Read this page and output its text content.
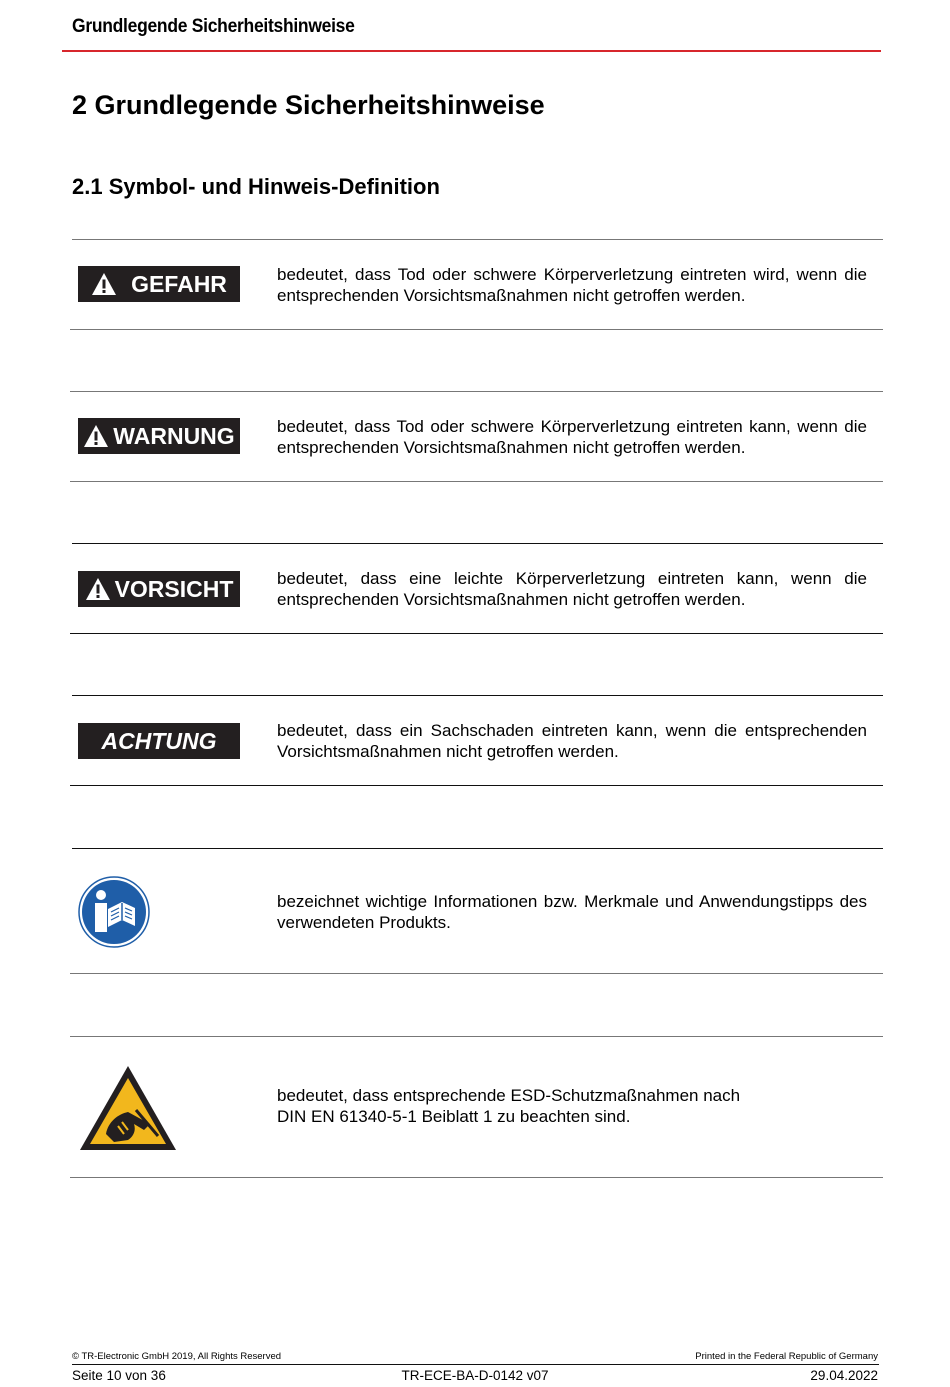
Grundlegende Sicherheitshinweise
2 Grundlegende Sicherheitshinweise
2.1 Symbol- und Hinweis-Definition
GEFAHR	bedeutet, dass Tod oder schwere Körperverletzung eintreten wird, wenn die entsprechenden Vorsichtsmaßnahmen nicht getroffen werden.
WARNUNG bedeutet, dass Tod oder schwere Körperverletzung eintreten kann, wenn die entsprechenden Vorsichtsmaßnahmen nicht getroffen werden.
VORSICHT	bedeutet, dass eine leichte Körperverletzung eintreten kann, wenn die entsprechenden Vorsichtsmaßnahmen nicht getroffen werden.
ACHTUNG	bedeutet, dass ein Sachschaden eintreten kann, wenn die entsprechenden Vorsichtsmaßnahmen nicht getroffen werden.
bezeichnet wichtige Informationen bzw. Merkmale und Anwendungstipps des verwendeten Produkts.
bedeutet, dass entsprechende ESD-Schutzmaßnahmen nach
DIN EN 61340-5-1 Beiblatt 1 zu beachten sind.
© TR-Electronic GmbH 2019, All Rights Reserved	Printed in the Federal Republic of Germany
Seite 10 von 36	TR-ECE-BA-D-0142 v07	29.04.2022
